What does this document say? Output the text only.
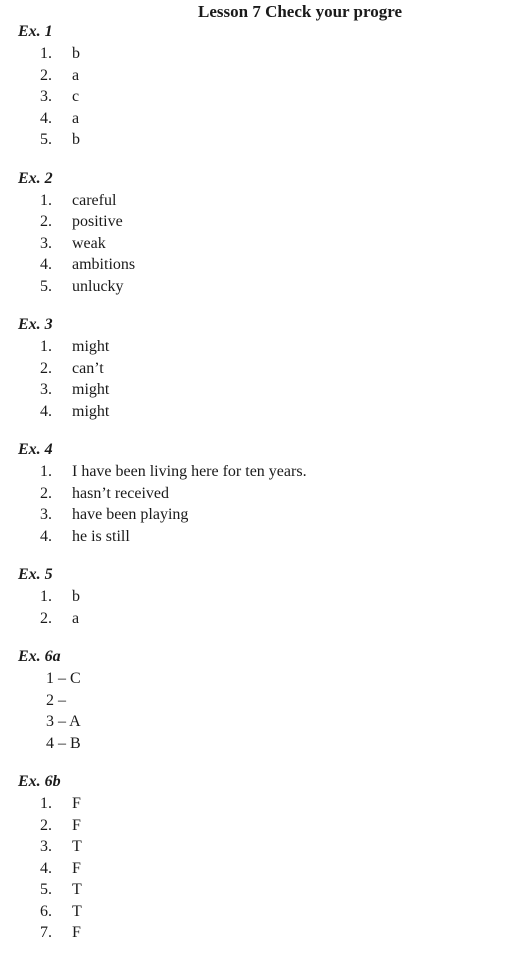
Lesson 7 Check your progre
Ex. 1
1.	b
2.	a
3.	c
4.	a
5.	b
Ex. 2
1.	careful
2.	positive
3.	weak
4.	ambitions
5.	unlucky
Ex. 3
1.	might
2.	can’t
3.	might
4.	might
Ex. 4
1.	I have been living here for ten years.
2.	hasn’t received
3.	have been playing
4.	he is still
Ex. 5
1.	b
2.	a
Ex. 6a
1 – C
2 –
3 – A
4 – B
Ex. 6b
1.	F
2.	F
3.	T
4.	F
5.	T
6.	T
7.	F
